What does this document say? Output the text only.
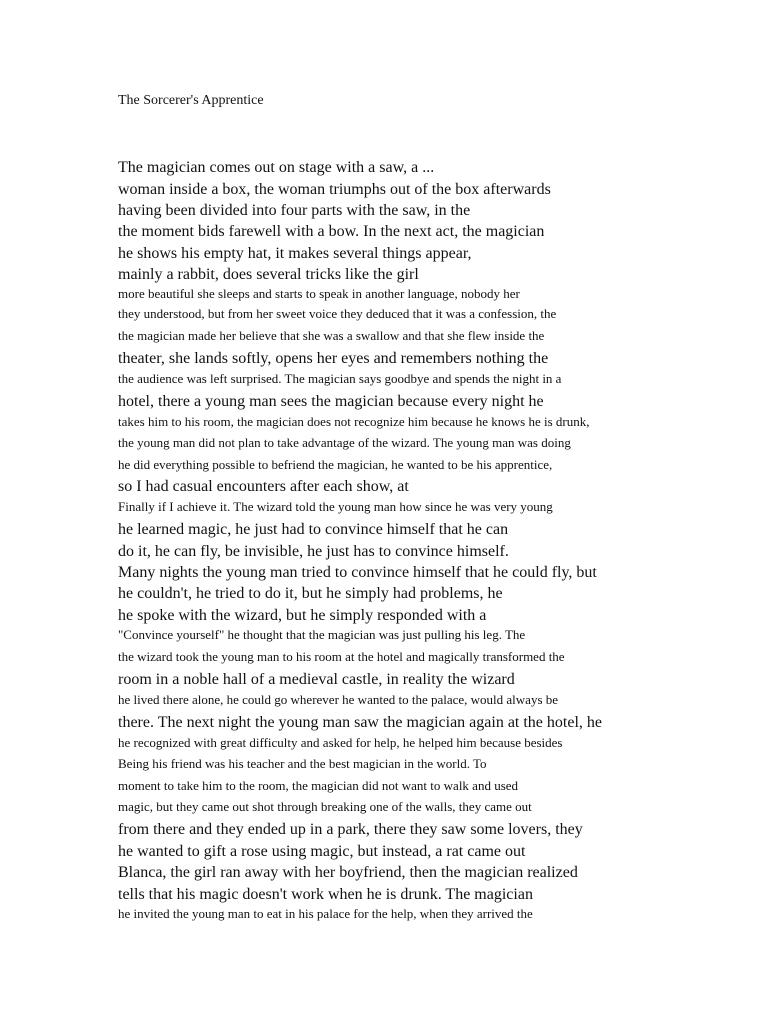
The Sorcerer's Apprentice
The magician comes out on stage with a saw, a ...
woman inside a box, the woman triumphs out of the box afterwards
having been divided into four parts with the saw, in the
the moment bids farewell with a bow. In the next act, the magician
he shows his empty hat, it makes several things appear,
mainly a rabbit, does several tricks like the girl
more beautiful she sleeps and starts to speak in another language, nobody her
they understood, but from her sweet voice they deduced that it was a confession, the
the magician made her believe that she was a swallow and that she flew inside the
theater, she lands softly, opens her eyes and remembers nothing the
the audience was left surprised. The magician says goodbye and spends the night in a
hotel, there a young man sees the magician because every night he
takes him to his room, the magician does not recognize him because he knows he is drunk,
the young man did not plan to take advantage of the wizard. The young man was doing
he did everything possible to befriend the magician, he wanted to be his apprentice,
so I had casual encounters after each show, at
Finally if I achieve it. The wizard told the young man how since he was very young
he learned magic, he just had to convince himself that he can
do it, he can fly, be invisible, he just has to convince himself.
Many nights the young man tried to convince himself that he could fly, but
he couldn't, he tried to do it, but he simply had problems, he
he spoke with the wizard, but he simply responded with a
"Convince yourself" he thought that the magician was just pulling his leg. The
the wizard took the young man to his room at the hotel and magically transformed the
room in a noble hall of a medieval castle, in reality the wizard
he lived there alone, he could go wherever he wanted to the palace, would always be
there. The next night the young man saw the magician again at the hotel, he
he recognized with great difficulty and asked for help, he helped him because besides
Being his friend was his teacher and the best magician in the world. To
moment to take him to the room, the magician did not want to walk and used
magic, but they came out shot through breaking one of the walls, they came out
from there and they ended up in a park, there they saw some lovers, they
he wanted to gift a rose using magic, but instead, a rat came out
Blanca, the girl ran away with her boyfriend, then the magician realized
tells that his magic doesn't work when he is drunk. The magician
he invited the young man to eat in his palace for the help, when they arrived the
